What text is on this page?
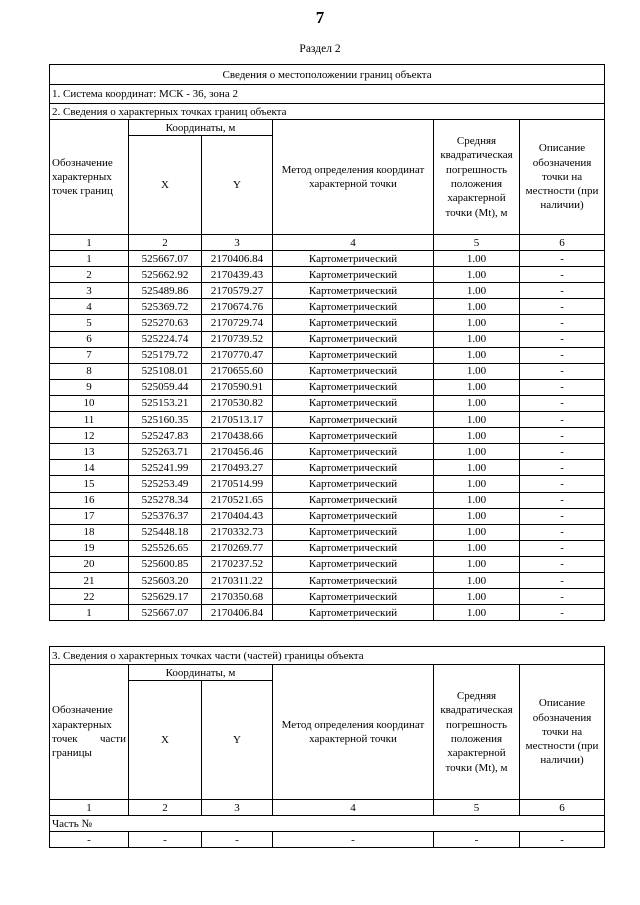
7
Раздел 2
Сведения о местоположении границ объекта					
1. Система координат: МСК - 36, зона 2					
2. Сведения о характерных точках границ объекта					
Обозначение характерных точек границ	Координаты, м		Метод определения координат характерной точки	Средняя квадратическая погрешность положения характерной точки (Mt), м	Описание обозначения точки на местности (при наличии)
	X	Y			
1	2	3	4	5	6
1	525667.07	2170406.84	Картометрический	1.00	-
2	525662.92	2170439.43	Картометрический	1.00	-
3	525489.86	2170579.27	Картометрический	1.00	-
4	525369.72	2170674.76	Картометрический	1.00	-
5	525270.63	2170729.74	Картометрический	1.00	-
6	525224.74	2170739.52	Картометрический	1.00	-
7	525179.72	2170770.47	Картометрический	1.00	-
8	525108.01	2170655.60	Картометрический	1.00	-
9	525059.44	2170590.91	Картометрический	1.00	-
10	525153.21	2170530.82	Картометрический	1.00	-
11	525160.35	2170513.17	Картометрический	1.00	-
12	525247.83	2170438.66	Картометрический	1.00	-
13	525263.71	2170456.46	Картометрический	1.00	-
14	525241.99	2170493.27	Картометрический	1.00	-
15	525253.49	2170514.99	Картометрический	1.00	-
16	525278.34	2170521.65	Картометрический	1.00	-
17	525376.37	2170404.43	Картометрический	1.00	-
18	525448.18	2170332.73	Картометрический	1.00	-
19	525526.65	2170269.77	Картометрический	1.00	-
20	525600.85	2170237.52	Картометрический	1.00	-
21	525603.20	2170311.22	Картометрический	1.00	-
22	525629.17	2170350.68	Картометрический	1.00	-
1	525667.07	2170406.84	Картометрический	1.00	-
3. Сведения о характерных точках части (частей) границы объекта					
Обозначение характерных точек части границы	Координаты, м		Метод определения координат характерной точки	Средняя квадратическая погрешность положения характерной точки (Mt), м	Описание обозначения точки на местности (при наличии)
	X	Y			
1	2	3	4	5	6
Часть №					
-	-	-	-	-	-
